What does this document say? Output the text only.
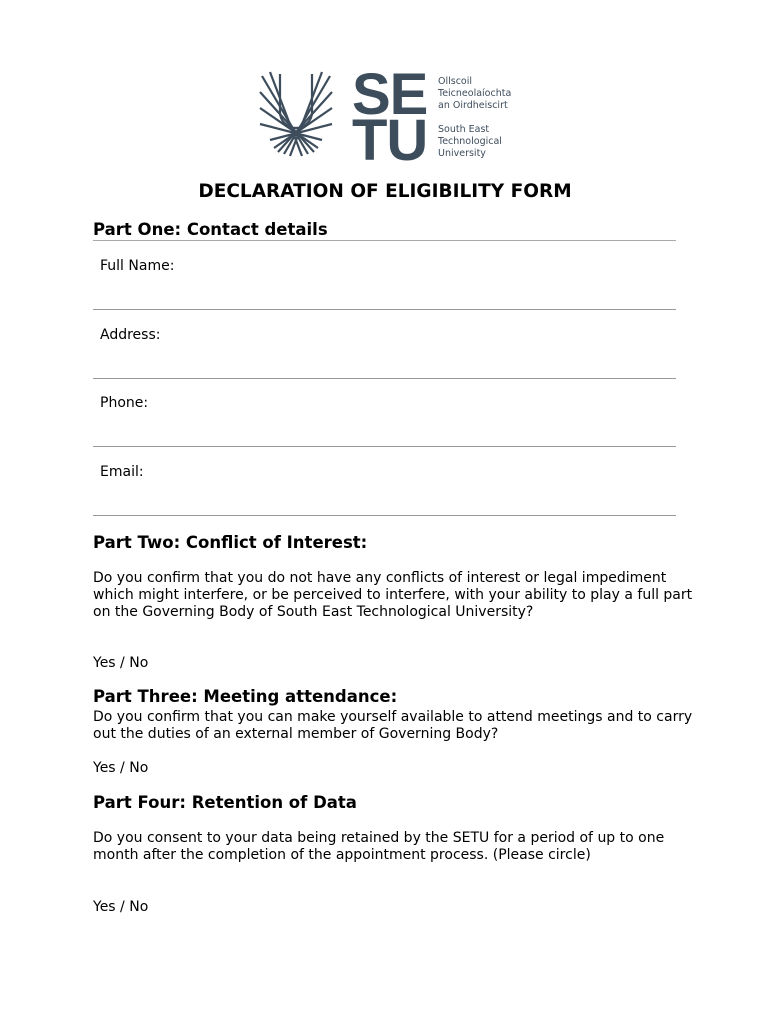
SE
TU
Ollscoil
Teicneolaíochta
an Oirdheiscirt
South East
Technological
University
DECLARATION OF ELIGIBILITY FORM
Part One: Contact details
Full Name:
Address:
Phone:
Email:
Part Two: Conflict of Interest:
Do you confirm that you do not have any conflicts of interest or legal impediment which might interfere, or be perceived to interfere, with your ability to play a full part on the Governing Body of South East Technological University?
Yes / No
Part Three: Meeting attendance:
Do you confirm that you can make yourself available to attend meetings and to carry out the duties of an external member of Governing Body?
Yes / No
Part Four: Retention of Data
Do you consent to your data being retained by the SETU for a period of up to one month after the completion of the appointment process. (Please circle)
Yes / No
